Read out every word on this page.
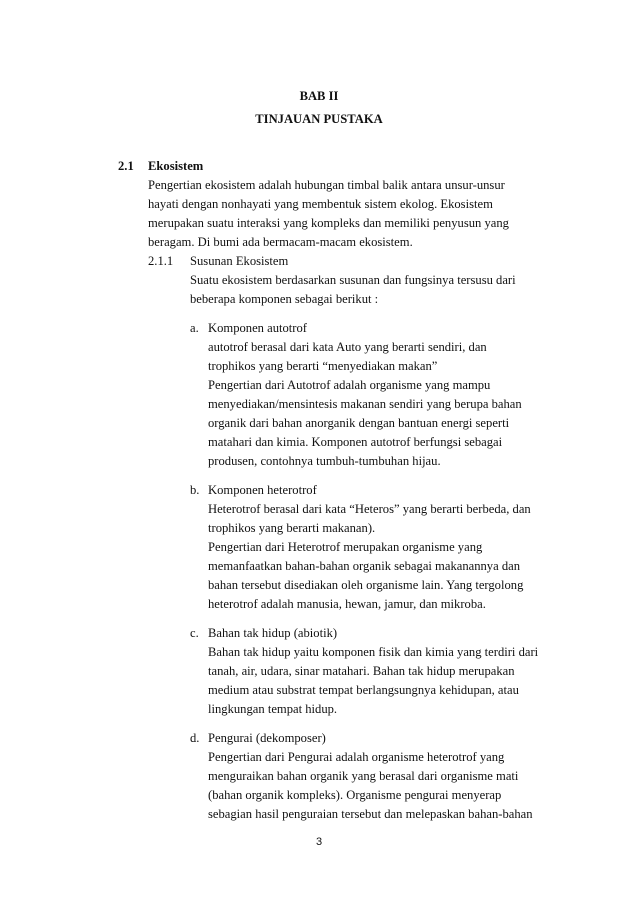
BAB II
TINJAUAN PUSTAKA
2.1 Ekosistem
Pengertian ekosistem adalah hubungan timbal balik antara unsur-unsur
hayati dengan nonhayati yang membentuk sistem ekolog. Ekosistem
merupakan suatu interaksi yang kompleks dan memiliki penyusun yang
beragam. Di bumi ada bermacam-macam ekosistem.
2.1.1 Susunan Ekosistem
Suatu ekosistem berdasarkan susunan dan fungsinya tersusu dari
beberapa komponen sebagai berikut :
a. Komponen autotrof
autotrof berasal dari kata Auto yang berarti sendiri, dan
trophikos yang berarti “menyediakan makan”
Pengertian dari Autotrof adalah organisme yang mampu
menyediakan/mensintesis makanan sendiri yang berupa bahan
organik dari bahan anorganik dengan bantuan energi seperti
matahari dan kimia. Komponen autotrof berfungsi sebagai
produsen, contohnya tumbuh-tumbuhan hijau.
b. Komponen heterotrof
Heterotrof berasal dari kata “Heteros” yang berarti berbeda, dan
trophikos yang berarti makanan).
Pengertian dari Heterotrof merupakan organisme yang
memanfaatkan bahan-bahan organik sebagai makanannya dan
bahan tersebut disediakan oleh organisme lain. Yang tergolong
heterotrof adalah manusia, hewan, jamur, dan mikroba.
c. Bahan tak hidup (abiotik)
Bahan tak hidup yaitu komponen fisik dan kimia yang terdiri dari
tanah, air, udara, sinar matahari. Bahan tak hidup merupakan
medium atau substrat tempat berlangsungnya kehidupan, atau
lingkungan tempat hidup.
d. Pengurai (dekomposer)
Pengertian dari Pengurai adalah organisme heterotrof yang
menguraikan bahan organik yang berasal dari organisme mati
(bahan organik kompleks). Organisme pengurai menyerap
sebagian hasil penguraian tersebut dan melepaskan bahan-bahan
3
